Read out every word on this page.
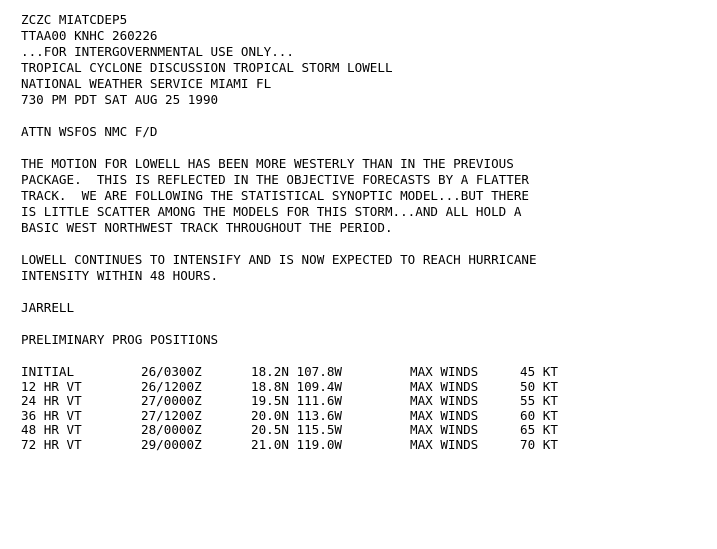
ZCZC MIATCDEP5
TTAA00 KNHC 260226
...FOR INTERGOVERNMENTAL USE ONLY...
TROPICAL CYCLONE DISCUSSION TROPICAL STORM LOWELL
NATIONAL WEATHER SERVICE MIAMI FL
730 PM PDT SAT AUG 25 1990
ATTN WSFOS NMC F/D
THE MOTION FOR LOWELL HAS BEEN MORE WESTERLY THAN IN THE PREVIOUS
PACKAGE.  THIS IS REFLECTED IN THE OBJECTIVE FORECASTS BY A FLATTER
TRACK.  WE ARE FOLLOWING THE STATISTICAL SYNOPTIC MODEL...BUT THERE
IS LITTLE SCATTER AMONG THE MODELS FOR THIS STORM...AND ALL HOLD A
BASIC WEST NORTHWEST TRACK THROUGHOUT THE PERIOD.
LOWELL CONTINUES TO INTENSIFY AND IS NOW EXPECTED TO REACH HURRICANE
INTENSITY WITHIN 48 HOURS.
JARRELL
PRELIMINARY PROG POSITIONS

INITIAL

	26/0300Z

	18.2N 107.8W

	MAX WINDS

	45 KT

12 HR VT

	26/1200Z

	18.8N 109.4W

	MAX WINDS

	50 KT

24 HR VT

	27/0000Z

	19.5N 111.6W

	MAX WINDS

	55 KT

36 HR VT

	27/1200Z

	20.0N 113.6W

	MAX WINDS

	60 KT

48 HR VT

	28/0000Z

	20.5N 115.5W

	MAX WINDS

	65 KT

72 HR VT

	29/0000Z

	21.0N 119.0W

	MAX WINDS

	70 KT
